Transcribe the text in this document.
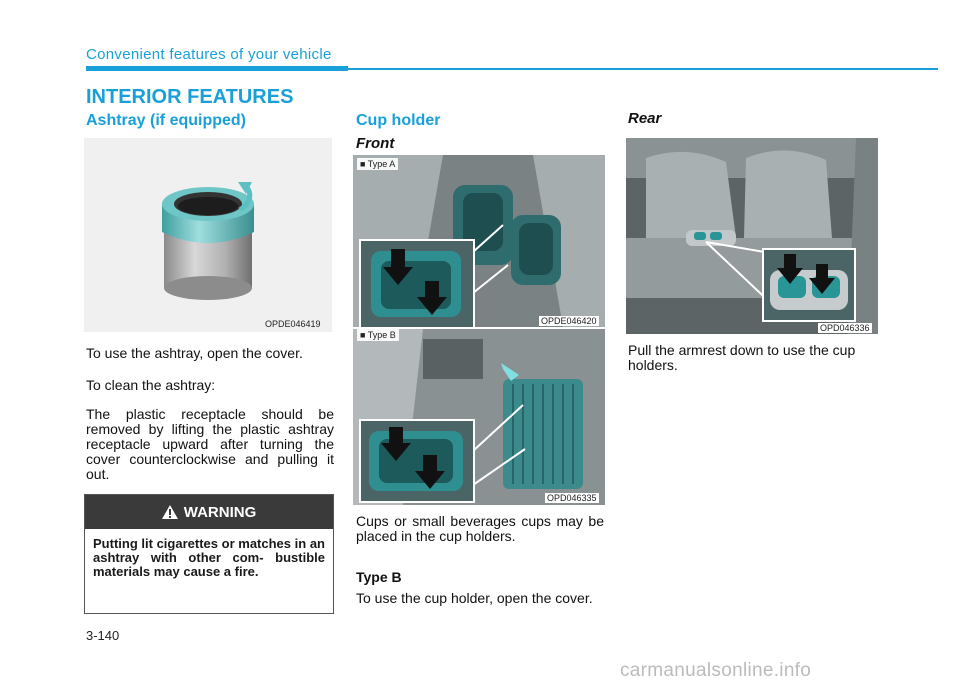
Convenient features of your vehicle
INTERIOR FEATURES
Ashtray (if equipped)
OPDE046419
To use the ashtray, open the cover.
To clean the ashtray:
The plastic receptacle should be removed by lifting the plastic ashtray receptacle upward after turning the cover counterclockwise and pulling it out.
WARNING
Putting lit cigarettes or matches in an ashtray with other com- bustible materials may cause a fire.
Cup holder
Front
■ Type A
OPDE046420
■ Type B
OPD046335
Cups or small beverages cups may be placed in the cup holders.
Type B
To use the cup holder, open the cover.
Rear
OPD046336
Pull the armrest down to use the cup holders.
3-140
carmanualsonline.info
